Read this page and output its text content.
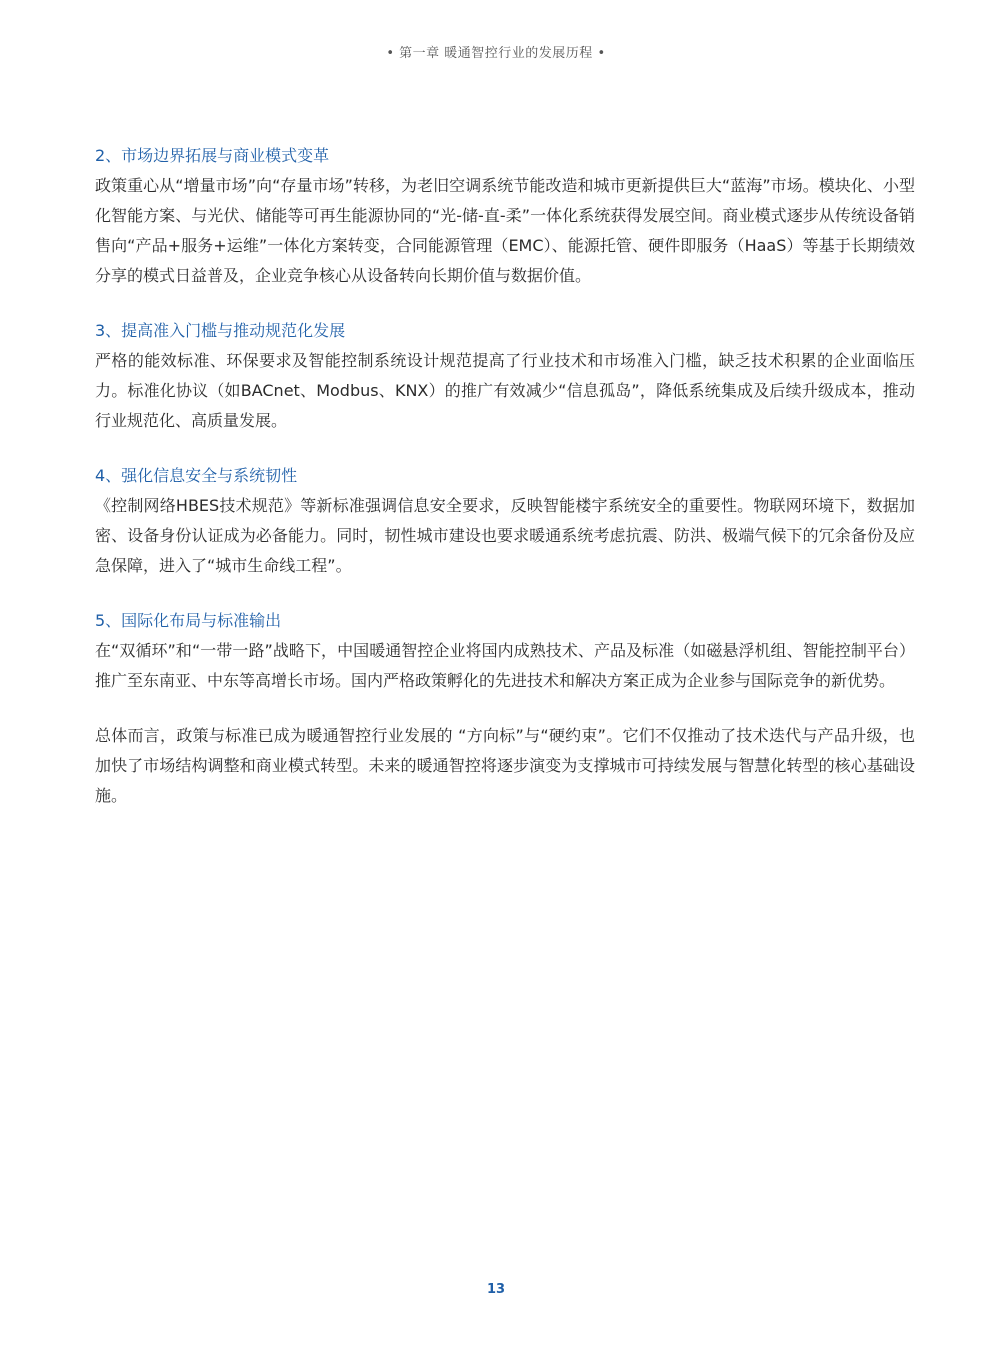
• 第一章 暖通智控行业的发展历程 •
2、市场边界拓展与商业模式变革

政策重心从“增量市场”向“存量市场”转移，为老旧空调系统节能改造和城市更新提供巨大“蓝海”市场。模块化、小型化智能方案、与光伏、储能等可再生能源协同的“光-储-直-柔”一体化系统获得发展空间。商业模式逐步从传统设备销售向“产品+服务+运维”一体化方案转变，合同能源管理（EMC）、能源托管、硬件即服务（HaaS）等基于长期绩效分享的模式日益普及，企业竞争核心从设备转向长期价值与数据价值。

3、提高准入门槛与推动规范化发展

严格的能效标准、环保要求及智能控制系统设计规范提高了行业技术和市场准入门槛，缺乏技术积累的企业面临压力。标准化协议（如BACnet、Modbus、KNX）的推广有效减少“信息孤岛”，降低系统集成及后续升级成本，推动行业规范化、高质量发展。

4、强化信息安全与系统韧性

《控制网络HBES技术规范》等新标准强调信息安全要求，反映智能楼宇系统安全的重要性。物联网环境下，数据加密、设备身份认证成为必备能力。同时，韧性城市建设也要求暖通系统考虑抗震、防洪、极端气候下的冗余备份及应急保障，进入了“城市生命线工程”。

5、国际化布局与标准输出

在“双循环”和“一带一路”战略下，中国暖通智控企业将国内成熟技术、产品及标准（如磁悬浮机组、智能控制平台）推广至东南亚、中东等高增长市场。国内严格政策孵化的先进技术和解决方案正成为企业参与国际竞争的新优势。

总体而言，政策与标准已成为暖通智控行业发展的 “方向标”与“硬约束”。它们不仅推动了技术迭代与产品升级，也加快了市场结构调整和商业模式转型。未来的暖通智控将逐步演变为支撑城市可持续发展与智慧化转型的核心基础设施。

13
